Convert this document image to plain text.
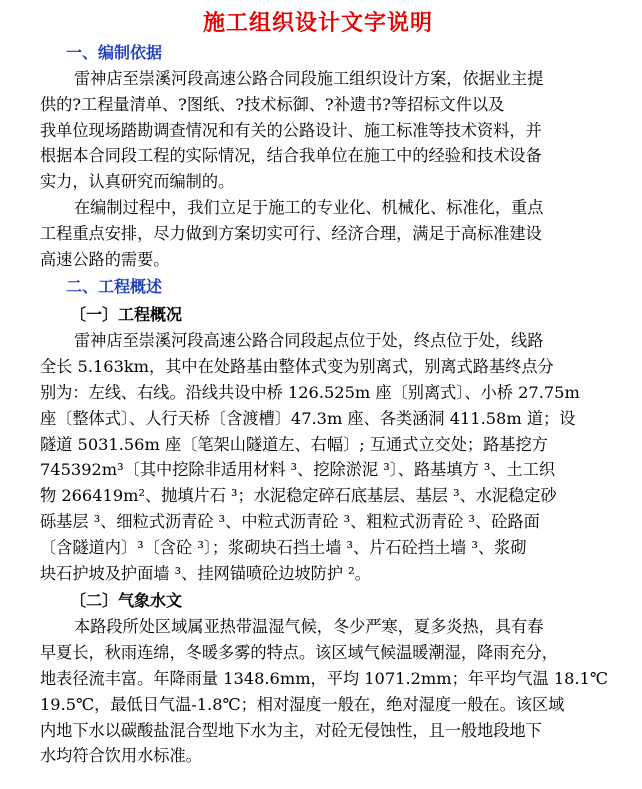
施工组织设计文字说明
一、编制依据

雷神店至崇溪河段高速公路合同段施工组织设计方案，依据业主提
供的?工程量清单、?图纸、?技术标御、?补遗书?等招标文件以及
我单位现场踏勘调查情况和有关的公路设计、施工标准等技术资料，并
根据本合同段工程的实际情况，结合我单位在施工中的经验和技术设备
实力，认真研究而编制的。

在编制过程中，我们立足于施工的专业化、机械化、标准化，重点
工程重点安排，尽力做到方案切实可行、经济合理，满足于高标准建设
高速公路的需要。

二、工程概述
〔一〕工程概况

雷神店至崇溪河段高速公路合同段起点位于处，终点位于处，线路
全长 5.163km，其中在处路基由整体式变为别离式，别离式路基终点分
别为：左线、右线。沿线共设中桥 126.525m 座〔别离式〕、小桥 27.75m
座〔整体式〕、人行天桥〔含渡槽〕47.3m 座、各类涵洞 411.58m 道；设
隧道 5031.56m 座〔笔架山隧道左、右幅〕; 互通式立交处；路基挖方
745392m³〔其中挖除非适用材料 ³、挖除淤泥 ³〕、路基填方 ³、土工织
物 266419m²、抛填片石 ³；水泥稳定碎石底基层、基层 ³、水泥稳定砂
砾基层 ³、细粒式沥青砼 ³、中粒式沥青砼 ³、粗粒式沥青砼 ³、砼路面
〔含隧道内〕³〔含砼 ³〕；浆砌块石挡土墙 ³、片石砼挡土墙 ³、浆砌
块石护坡及护面墙 ³、挂网锚喷砼边坡防护 ²。

〔二〕气象水文

本路段所处区域属亚热带温湿气候，冬少严寒，夏多炎热，具有春
早夏长，秋雨连绵，冬暖多雾的特点。该区域气候温暖潮湿，降雨充分，
地表径流丰富。年降雨量 1348.6mm，平均 1071.2mm；年平均气温 18.1℃
19.5℃，最低日气温-1.8℃；相对湿度一般在，绝对湿度一般在。该区域
内地下水以碳酸盐混合型地下水为主，对砼无侵蚀性，且一般地段地下
水均符合饮用水标准。
